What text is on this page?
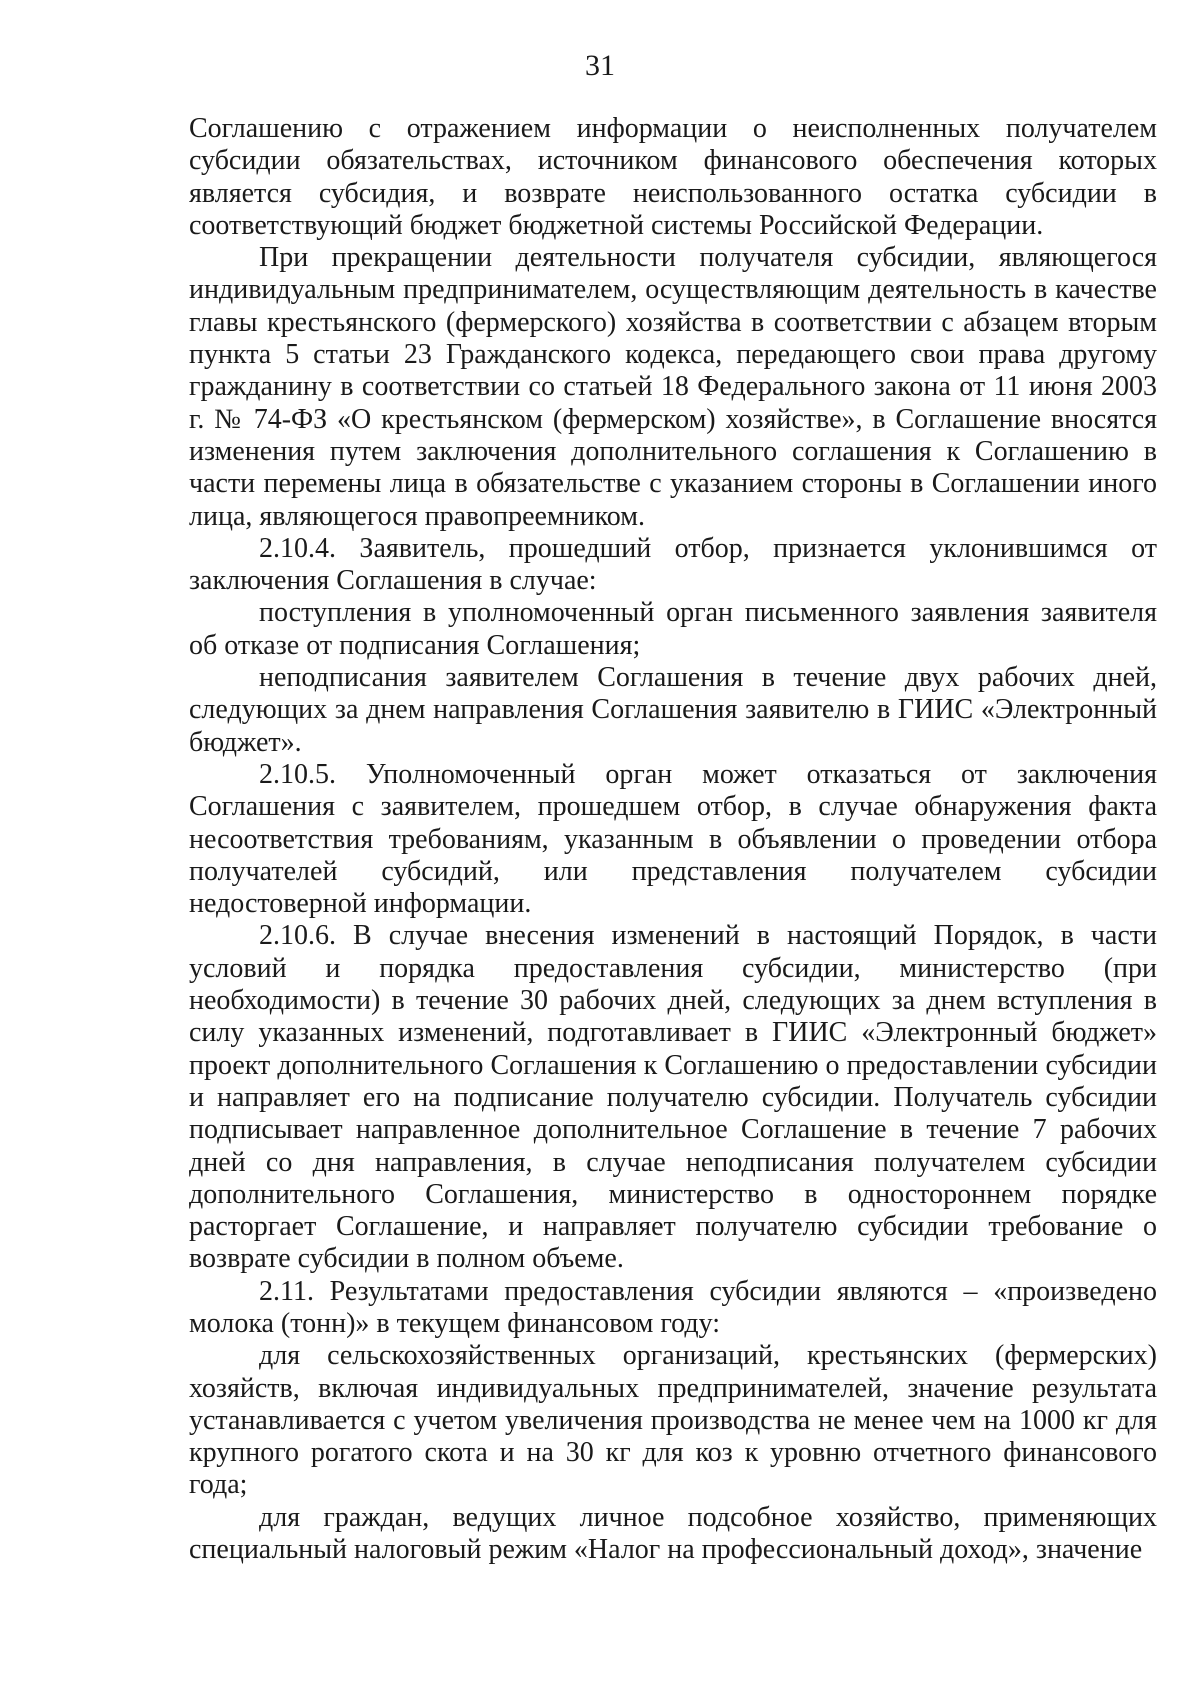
31

Соглашению с отражением информации о неисполненных получателем субсидии обязательствах, источником финансового обеспечения которых является субсидия, и возврате неиспользованного остатка субсидии в соответствующий бюджет бюджетной системы Российской Федерации.

При прекращении деятельности получателя субсидии, являющегося индивидуальным предпринимателем, осуществляющим деятельность в качестве главы крестьянского (фермерского) хозяйства в соответствии с абзацем вторым пункта 5 статьи 23 Гражданского кодекса, передающего свои права другому гражданину в соответствии со статьей 18 Федерального закона от 11 июня 2003 г. № 74-ФЗ «О крестьянском (фермерском) хозяйстве», в Соглашение вносятся изменения путем заключения дополнительного соглашения к Соглашению в части перемены лица в обязательстве с указанием стороны в Соглашении иного лица, являющегося правопреемником.

2.10.4. Заявитель, прошедший отбор, признается уклонившимся от заключения Соглашения в случае:

поступления в уполномоченный орган письменного заявления заявителя об отказе от подписания Соглашения;

неподписания заявителем Соглашения в течение двух рабочих дней, следующих за днем направления Соглашения заявителю в ГИИС «Электронный бюджет».

2.10.5. Уполномоченный орган может отказаться от заключения Соглашения с заявителем, прошедшем отбор, в случае обнаружения факта несоответствия требованиям, указанным в объявлении о проведении отбора получателей субсидий, или представления получателем субсидии недостоверной информации.

2.10.6. В случае внесения изменений в настоящий Порядок, в части условий и порядка предоставления субсидии, министерство (при необходимости) в течение 30 рабочих дней, следующих за днем вступления в силу указанных изменений, подготавливает в ГИИС «Электронный бюджет» проект дополнительного Соглашения к Соглашению о предоставлении субсидии и направляет его на подписание получателю субсидии. Получатель субсидии подписывает направленное дополнительное Соглашение в течение 7 рабочих дней со дня направления, в случае неподписания получателем субсидии дополнительного Соглашения, министерство в одностороннем порядке расторгает Соглашение, и направляет получателю субсидии требование о возврате субсидии в полном объеме.

2.11. Результатами предоставления субсидии являются – «произведено молока (тонн)» в текущем финансовом году:

для сельскохозяйственных организаций, крестьянских (фермерских) хозяйств, включая индивидуальных предпринимателей, значение результата устанавливается с учетом увеличения производства не менее чем на 1000 кг для крупного рогатого скота и на 30 кг для коз к уровню отчетного финансового года;

для граждан, ведущих личное подсобное хозяйство, применяющих специальный налоговый режим «Налог на профессиональный доход», значение
